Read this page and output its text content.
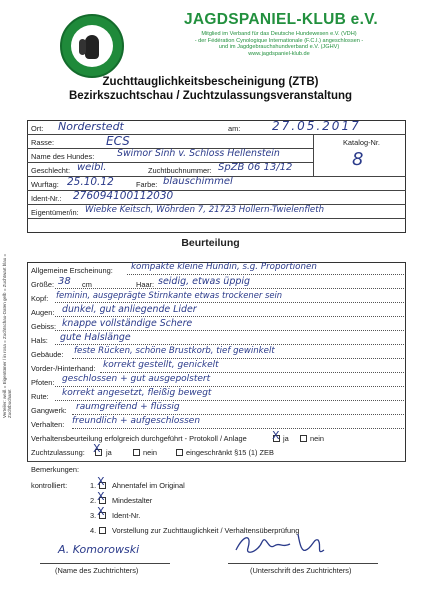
JAGDSPANIEL-KLUB e.V.
Mitglied im Verband für das Deutsche Hundewesen e.V. (VDH)
- der Fédération Cynologique Internationale (F.C.I.) angeschlossen -
und im Jagdgebrauchshundverband e.V. (JGHV)
www.jagdspaniel-klub.de
Zuchttauglichkeitsbescheinigung (ZTB)
Bezirkszuchtschau / Zuchtzulassungsveranstaltung
Ort: Norderstedt	am:	27.05.2017
Rasse:	ECS	Katalog-Nr.
8
Name des Hundes: Swimor Sinh v. Schloss Hellenstein
Geschlecht: weibl.	Zuchtbuchnummer: SpZB 06 13/12
Wurftag: 25.10.12	Farbe: blauschimmel
Ident-Nr.: 276094100112030
Eigentümer/in: Wiebke Keitsch, Wöhrden 7, 21723 Hollern-Twielenfleth
Beurteilung
Verteiler: weiß = Eigentümer / in rosa = Zuchtschau-Daten gelb = Zuchtwart blau = Zuchtbuchamt
Allgemeine Erscheinung: kompakte kleine Hündin, s.g. Proportionen
Größe: 38 cm	Haar: seidig, etwas üppig
Kopf: feminin, ausgeprägte Stirnkante etwas trockener sein
Augen: dunkel, gut anliegende Lider
Gebiss: knappe vollständige Schere
Hals: gute Halslänge
Gebäude: feste Rücken, schöne Brustkorb, tief gewinkelt
Vorder-/Hinterhand: korrekt gestellt, genickelt
Pfoten: geschlossen + gut ausgepolstert
Rute: korrekt angesetzt, fleißig bewegt
Gangwerk: raumgreifend + flüssig
Verhalten: freundlich + aufgeschlossen
Verhaltensbeurteilung erfolgreich durchgeführt - Protokoll / Anlage X ja	nein
Zuchtzulassung: X ja	nein	eingeschränkt §15 (1) ZEB
Bemerkungen:
kontrolliert:	1. X Ahnentafel im Original
2. X Mindestalter
3. X Ident-Nr.
4. Vorstellung zur Zuchttauglichkeit / Verhaltensüberprüfung
A. Komorowski
(Name des Zuchtrichters)	(Unterschrift des Zuchtrichters)
